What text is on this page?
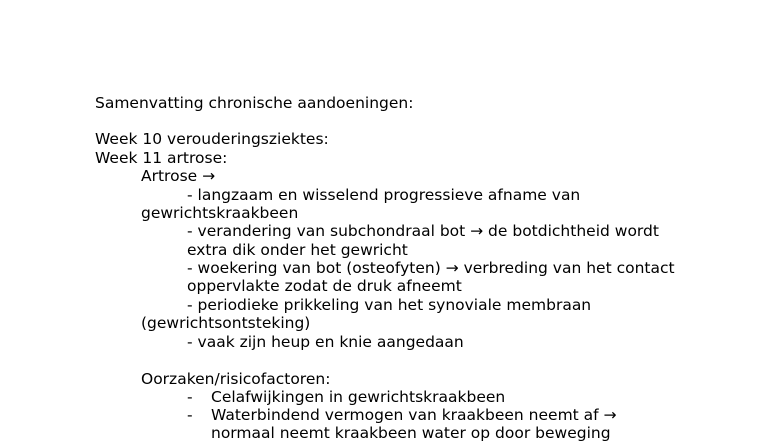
Samenvatting chronische aandoeningen:
Week 10 verouderingsziektes:
Week 11 artrose:
Artrose →
- langzaam en wisselend progressieve afname van
gewrichtskraakbeen
- verandering van subchondraal bot → de botdichtheid wordt
extra dik onder het gewricht
- woekering van bot (osteofyten) → verbreding van het contact
oppervlakte zodat de druk afneemt
- periodieke prikkeling van het synoviale membraan
(gewrichtsontsteking)
- vaak zijn heup en knie aangedaan
Oorzaken/risicofactoren:
- Celafwijkingen in gewrichtskraakbeen
- Waterbindend vermogen van kraakbeen neemt af →
normaal neemt kraakbeen water op door beweging
